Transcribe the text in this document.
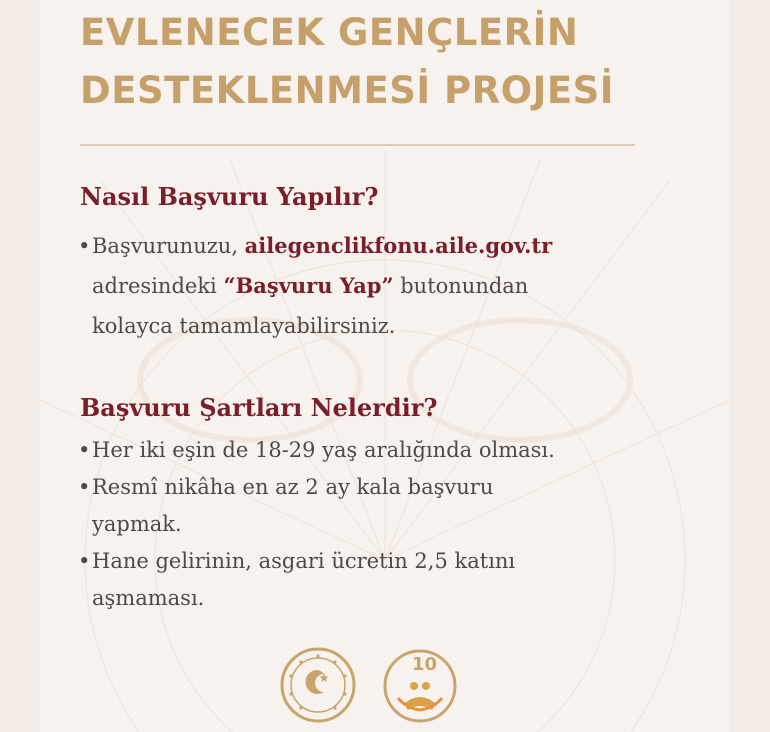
EVLENECEK GENÇLERİN
DESTEKLENMESİ PROJESİ
Nasıl Başvuru Yapılır?
•Başvurunuzu, ailegenclikfonu.aile.gov.tr
adresindeki “Başvuru Yap” butonundan
kolayca tamamlayabilirsiniz.
Başvuru Şartları Nelerdir?
•Her iki eşin de 18-29 yaş aralığında olması.
•Resmî nikâha en az 2 ay kala başvuru
yapmak.
•Hane gelirinin, asgari ücretin 2,5 katını
aşmaması.
10
